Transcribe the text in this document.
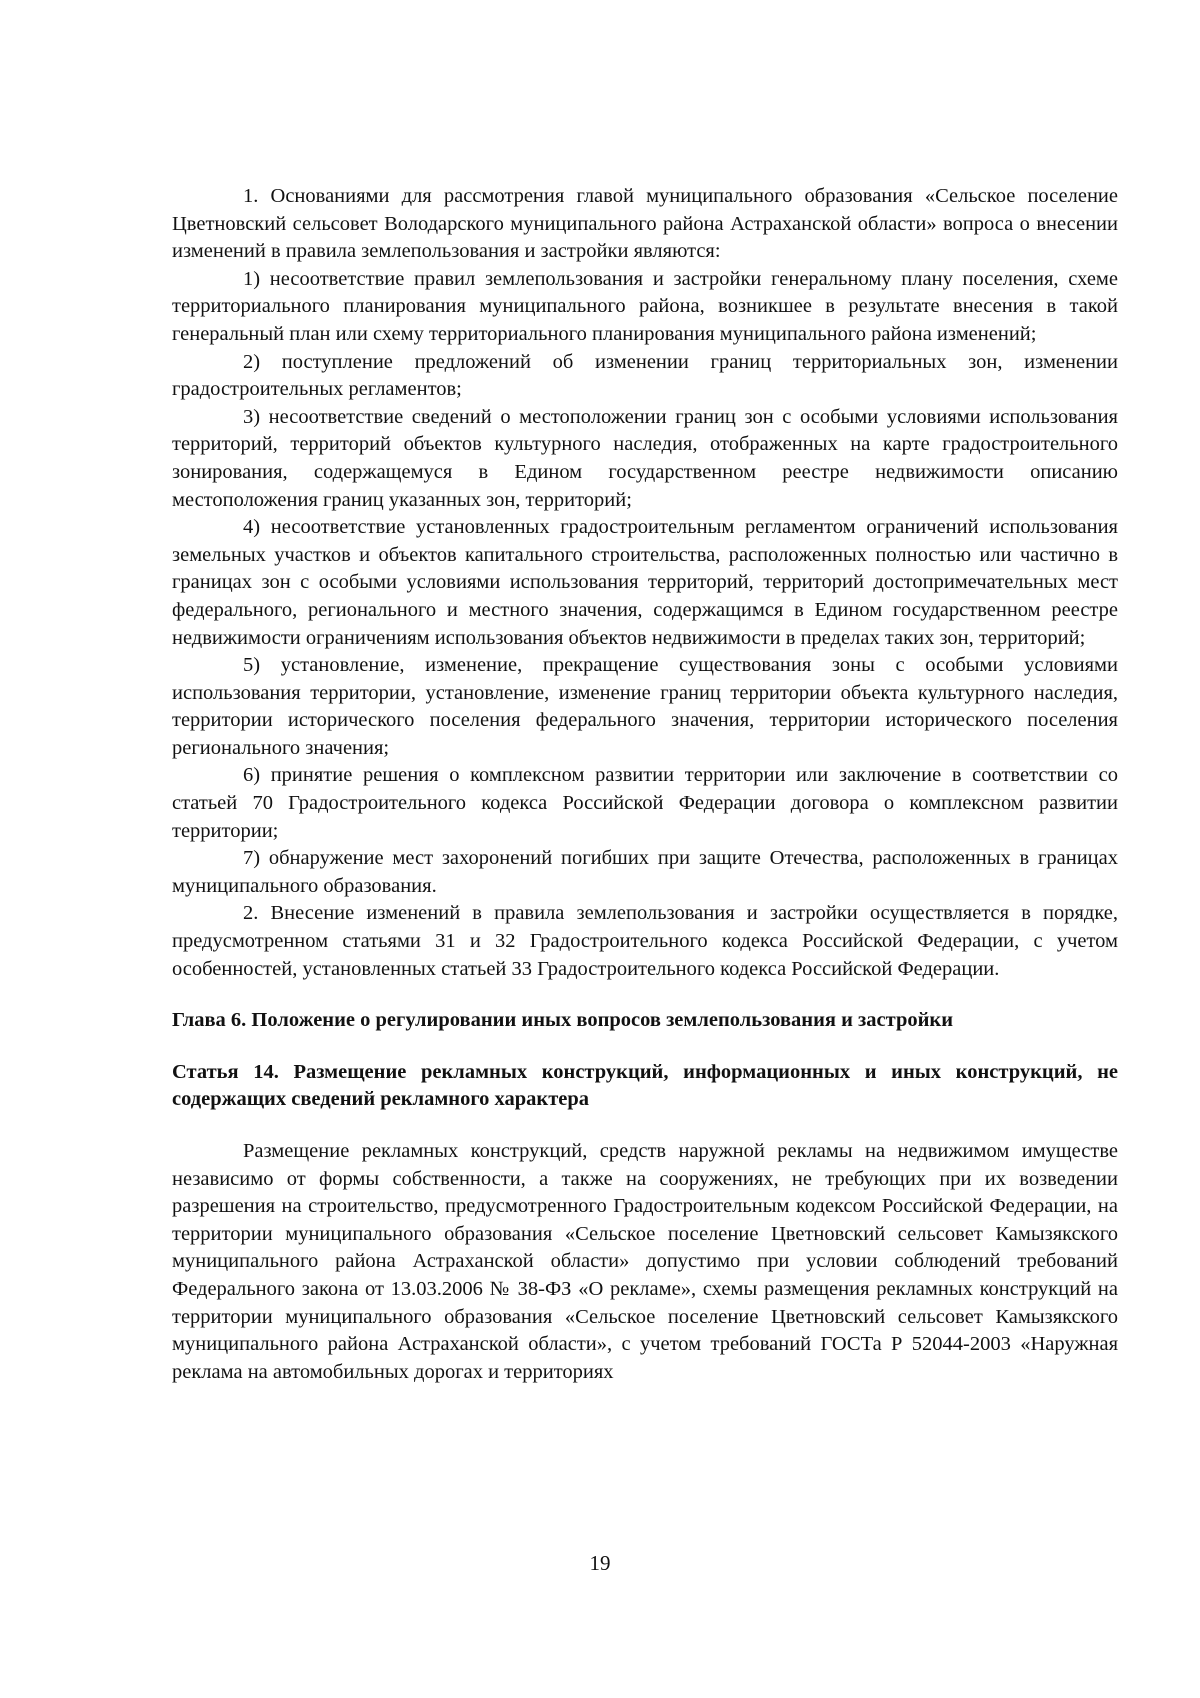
1. Основаниями для рассмотрения главой муниципального образования «Сельское поселение Цветновский сельсовет Володарского муниципального района Астраханской области» вопроса о внесении изменений в правила землепользования и застройки являются:

1) несоответствие правил землепользования и застройки генеральному плану поселения, схеме территориального планирования муниципального района, возникшее в результате внесения в такой генеральный план или схему территориального планирования муниципального района изменений;

2) поступление предложений об изменении границ территориальных зон, изменении градостроительных регламентов;

3) несоответствие сведений о местоположении границ зон с особыми условиями использования территорий, территорий объектов культурного наследия, отображенных на карте градостроительного зонирования, содержащемуся в Едином государственном реестре недвижимости описанию местоположения границ указанных зон, территорий;

4) несоответствие установленных градостроительным регламентом ограничений использования земельных участков и объектов капитального строительства, расположенных полностью или частично в границах зон с особыми условиями использования территорий, территорий достопримечательных мест федерального, регионального и местного значения, содержащимся в Едином государственном реестре недвижимости ограничениям использования объектов недвижимости в пределах таких зон, территорий;

5) установление, изменение, прекращение существования зоны с особыми условиями использования территории, установление, изменение границ территории объекта культурного наследия, территории исторического поселения федерального значения, территории исторического поселения регионального значения;

6) принятие решения о комплексном развитии территории или заключение в соответствии со статьей 70 Градостроительного кодекса Российской Федерации договора о комплексном развитии территории;

7) обнаружение мест захоронений погибших при защите Отечества, расположенных в границах муниципального образования.

2. Внесение изменений в правила землепользования и застройки осуществляется в порядке, предусмотренном статьями 31 и 32 Градостроительного кодекса Российской Федерации, с учетом особенностей, установленных статьей 33 Градостроительного кодекса Российской Федерации.

Глава 6. Положение о регулировании иных вопросов землепользования и застройки

Статья 14. Размещение рекламных конструкций, информационных и иных конструкций, не содержащих сведений рекламного характера

Размещение рекламных конструкций, средств наружной рекламы на недвижимом имуществе независимо от формы собственности, а также на сооружениях, не требующих при их возведении разрешения на строительство, предусмотренного Градостроительным кодексом Российской Федерации, на территории муниципального образования «Сельское поселение Цветновский сельсовет Камызякского муниципального района Астраханской области» допустимо при условии соблюдений требований Федерального закона от 13.03.2006 № 38-ФЗ «О рекламе», схемы размещения рекламных конструкций на территории муниципального образования «Сельское поселение Цветновский сельсовет Камызякского муниципального района Астраханской области», с учетом требований ГОСТа Р 52044-2003 «Наружная реклама на автомобильных дорогах и территориях

19
